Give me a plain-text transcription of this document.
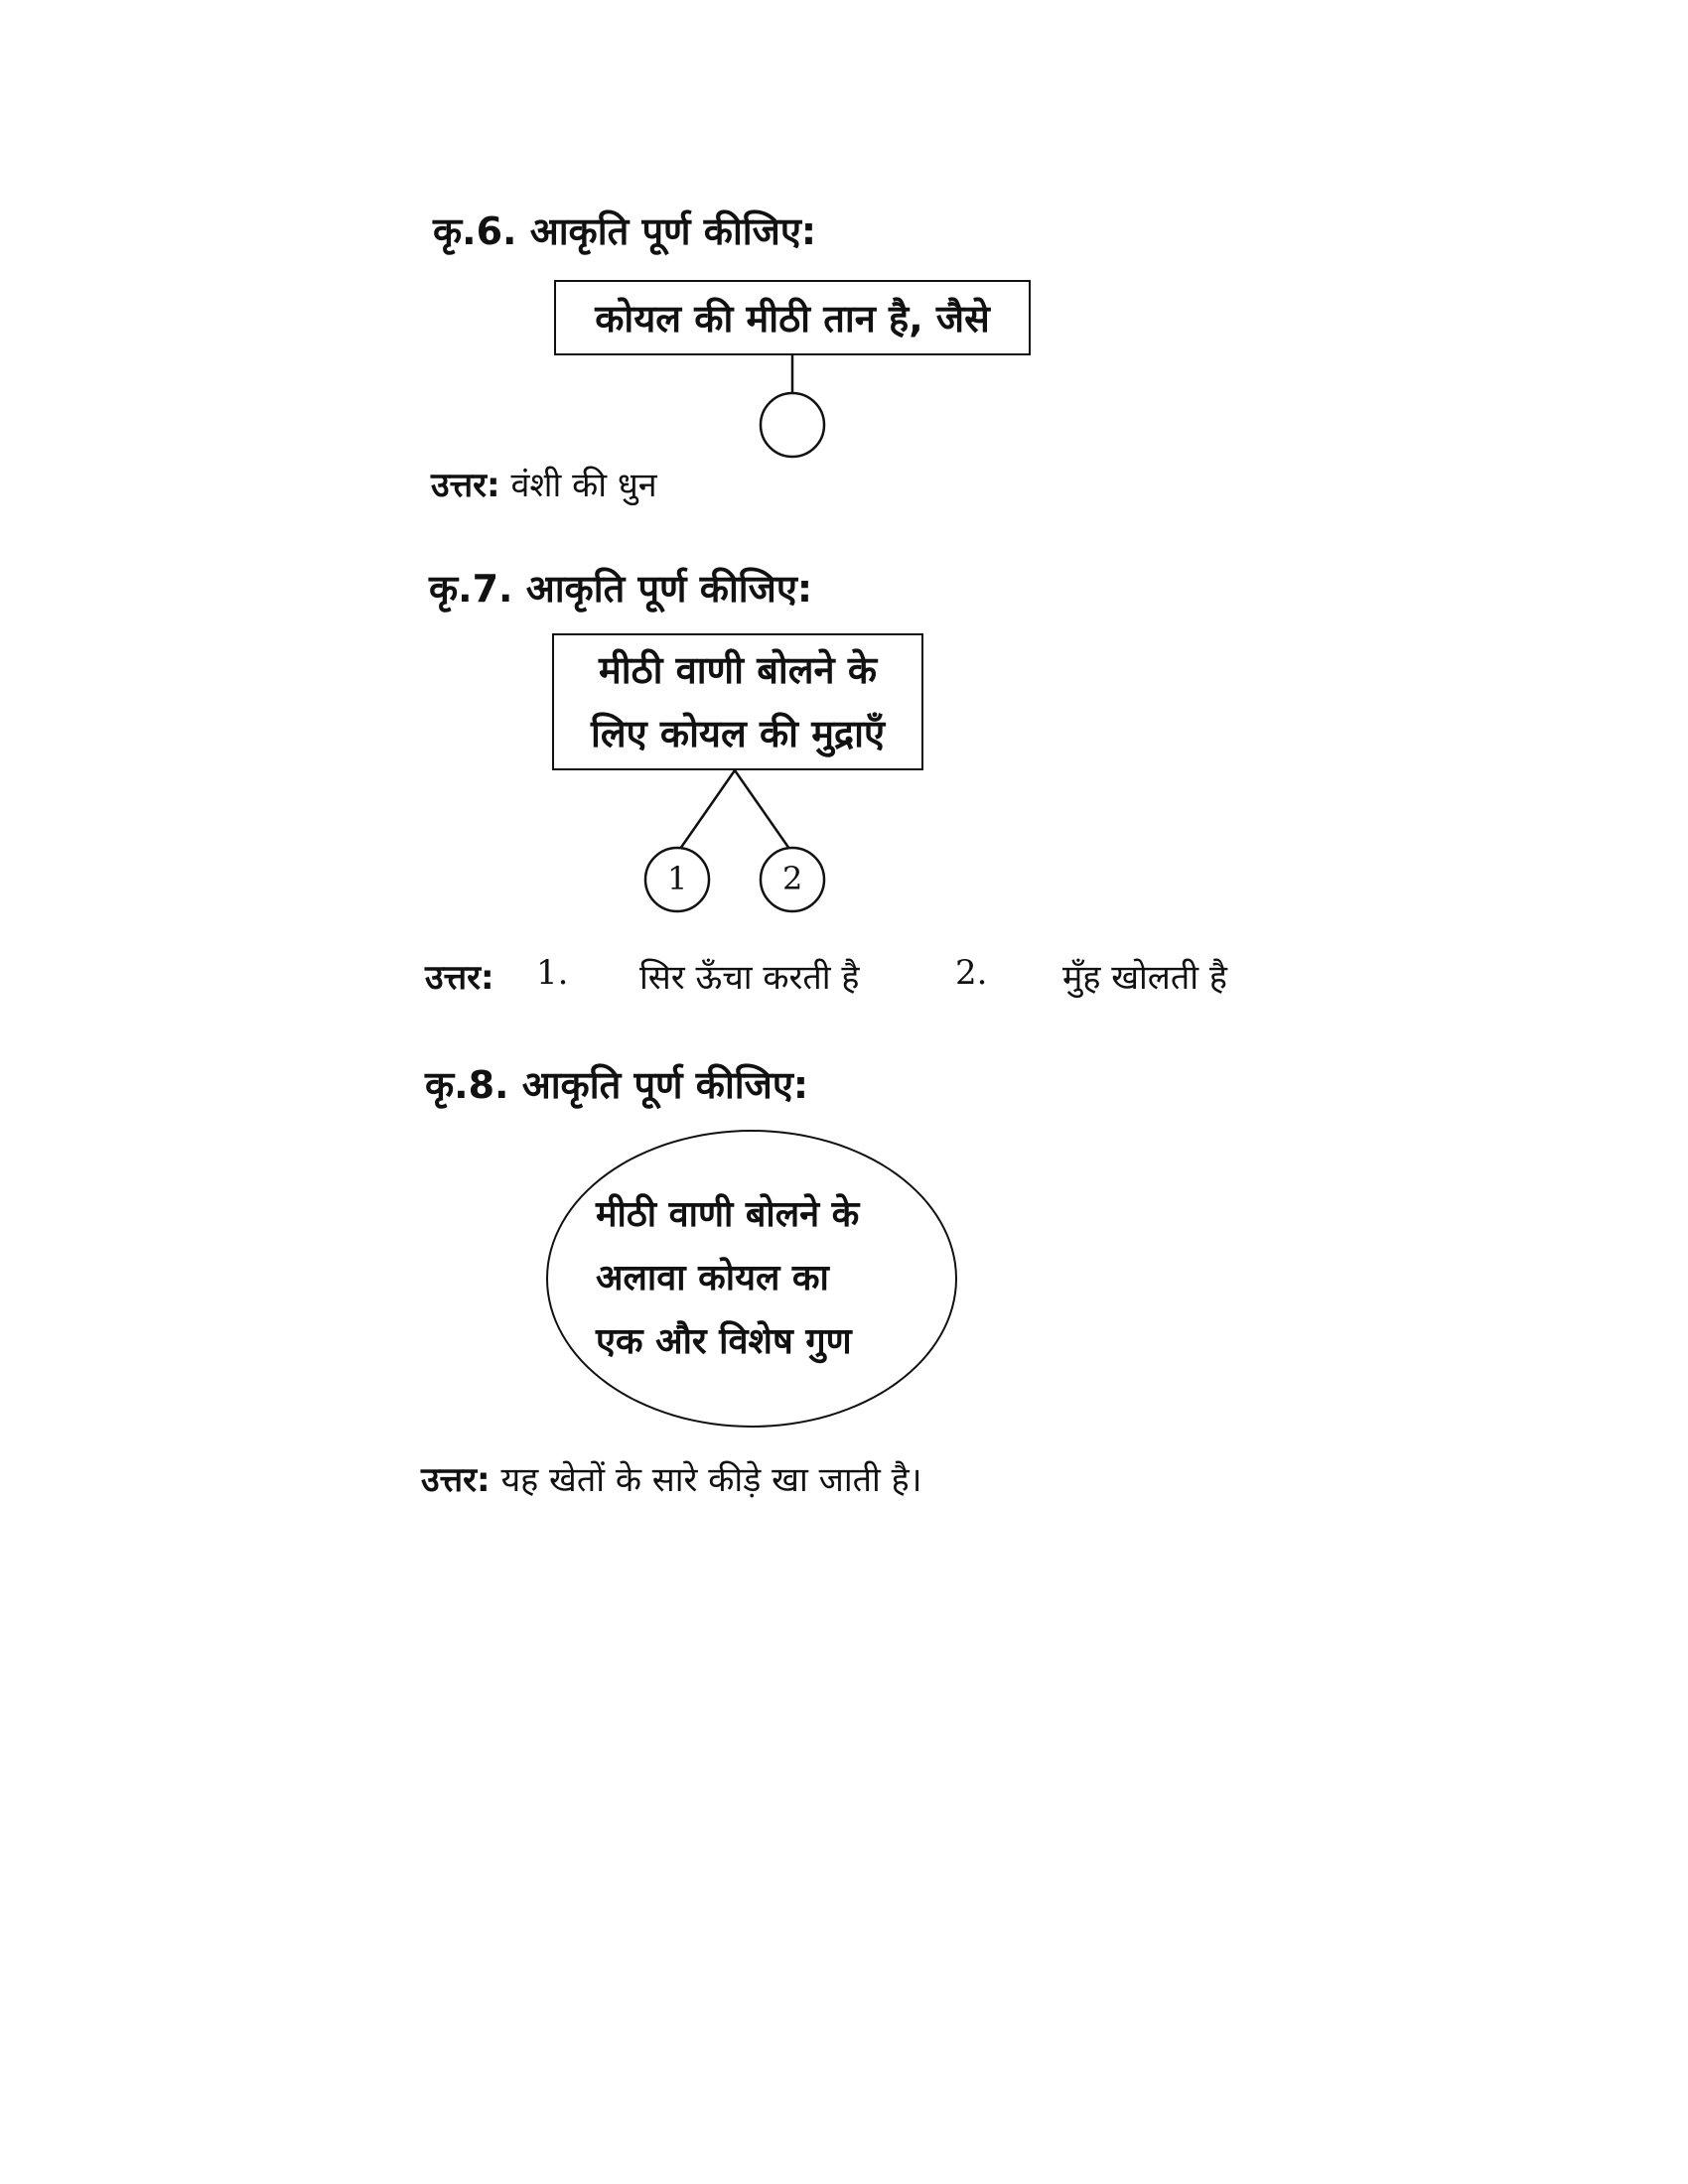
कृ.6. आकृति पूर्ण कीजिए:
कोयल की मीठी तान है, जैसे
उत्तर: वंशी की धुन
कृ.7. आकृति पूर्ण कीजिए:
मीठी वाणी बोलने के
लिए कोयल की मुद्राएँ
1	2
उत्तर: 1. सिर ऊँचा करती है	2. मुँह खोलती है
कृ.8. आकृति पूर्ण कीजिए:
मीठी वाणी बोलने के
अलावा कोयल का
एक और विशेष गुण
उत्तर: यह खेतों के सारे कीड़े खा जाती है।
